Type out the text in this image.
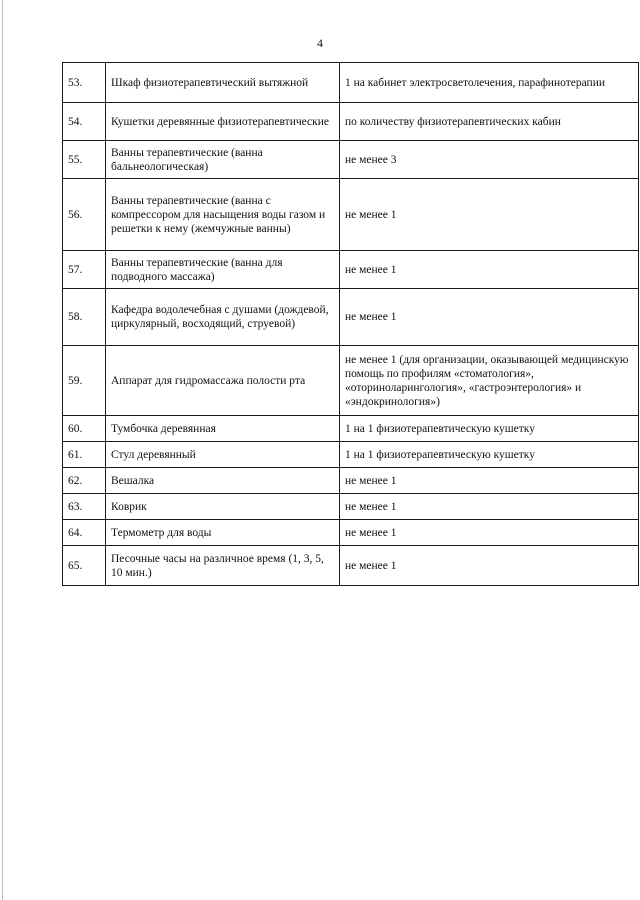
4
53.	Шкаф физиотерапевтический вытяжной	1 на кабинет электросветолечения, парафинотерапии
54.	Кушетки деревянные физиотерапевтические	по количеству физиотерапевтических кабин
55.	Ванны терапевтические (ванна бальнеологическая)	не менее 3
56.	Ванны терапевтические (ванна с компрессором для насыщения воды газом и решетки к нему (жемчужные ванны)	не менее 1
57.	Ванны терапевтические (ванна для подводного массажа)	не менее 1
58.	Кафедра водолечебная с душами (дождевой, циркулярный, восходящий, струевой)	не менее 1
59.	Аппарат для гидромассажа полости рта	не менее 1 (для организации, оказывающей медицинскую помощь по профилям «стоматология», «оториноларингология», «гастроэнтерология» и «эндокринология»)
60.	Тумбочка деревянная	1 на 1 физиотерапевтическую кушетку
61.	Стул деревянный	1 на 1 физиотерапевтическую кушетку
62.	Вешалка	не менее 1
63.	Коврик	не менее 1
64.	Термометр для воды	не менее 1
65.	Песочные часы на различное время (1, 3, 5, 10 мин.)	не менее 1
